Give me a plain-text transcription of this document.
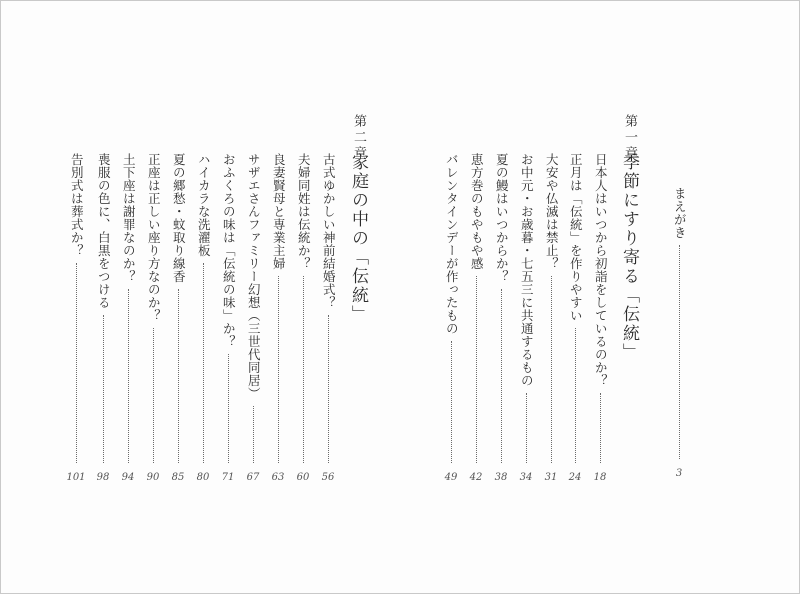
まえがき
3
第一章
季節にすり寄る「伝統」
日本人はいつから初詣をしているのか？
18
正月は「伝統」を作りやすい
24
大安や仏滅は禁止？
31
お中元・お歳暮・七五三に共通するもの
34
夏の鰻はいつからか？
38
恵方巻のもやもや感
42
バレンタインデーが作ったもの
49
第二章
家庭の中の「伝統」
古式ゆかしい神前結婚式？
56
夫婦同姓は伝統か？
60
良妻賢母と専業主婦
63
サザエさんファミリー幻想（三世代同居）
67
おふくろの味は「伝統の味」か？
71
ハイカラな洗濯板
80
夏の郷愁・蚊取り線香
85
正座は正しい座り方なのか？
90
土下座は謝罪なのか？
94
喪服の色に、白黒をつける
98
告別式は葬式か？
101
